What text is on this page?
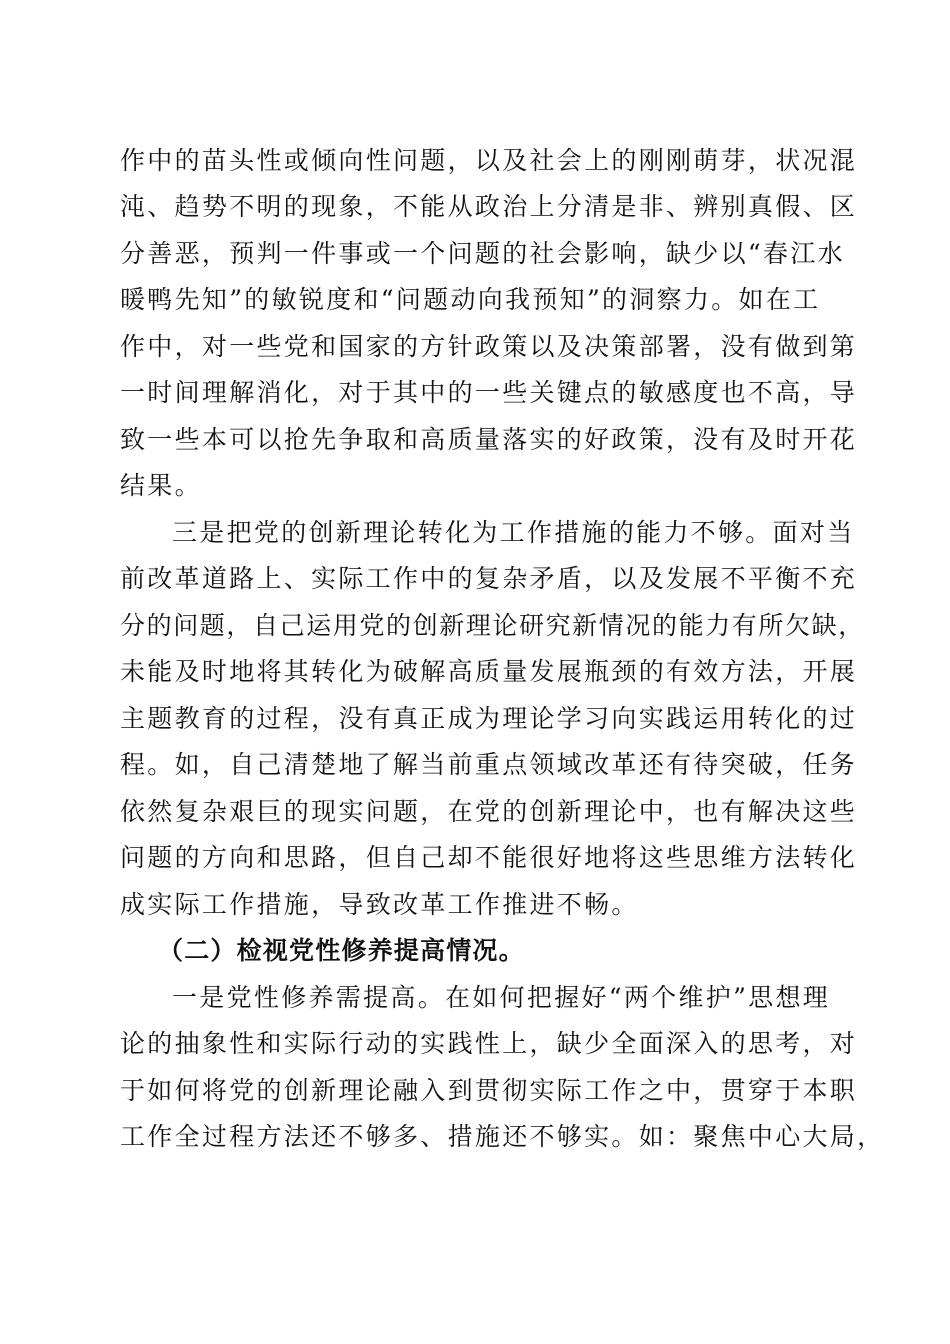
作中的苗头性或倾向性问题，以及社会上的刚刚萌芽，状况混
沌、趋势不明的现象，不能从政治上分清是非、辨别真假、区
分善恶，预判一件事或一个问题的社会影响，缺少以“春江水
暖鸭先知”的敏锐度和“问题动向我预知”的洞察力。如在工
作中，对一些党和国家的方针政策以及决策部署，没有做到第
一时间理解消化，对于其中的一些关键点的敏感度也不高，导
致一些本可以抢先争取和高质量落实的好政策，没有及时开花
结果。
三是把党的创新理论转化为工作措施的能力不够。面对当
前改革道路上、实际工作中的复杂矛盾，以及发展不平衡不充
分的问题，自己运用党的创新理论研究新情况的能力有所欠缺，
未能及时地将其转化为破解高质量发展瓶颈的有效方法，开展
主题教育的过程，没有真正成为理论学习向实践运用转化的过
程。如，自己清楚地了解当前重点领域改革还有待突破，任务
依然复杂艰巨的现实问题，在党的创新理论中，也有解决这些
问题的方向和思路，但自己却不能很好地将这些思维方法转化
成实际工作措施，导致改革工作推进不畅。
（二）检视党性修养提高情况。
一是党性修养需提高。在如何把握好“两个维护”思想理
论的抽象性和实际行动的实践性上，缺少全面深入的思考，对
于如何将党的创新理论融入到贯彻实际工作之中，贯穿于本职
工作全过程方法还不够多、措施还不够实。如：聚焦中心大局，
